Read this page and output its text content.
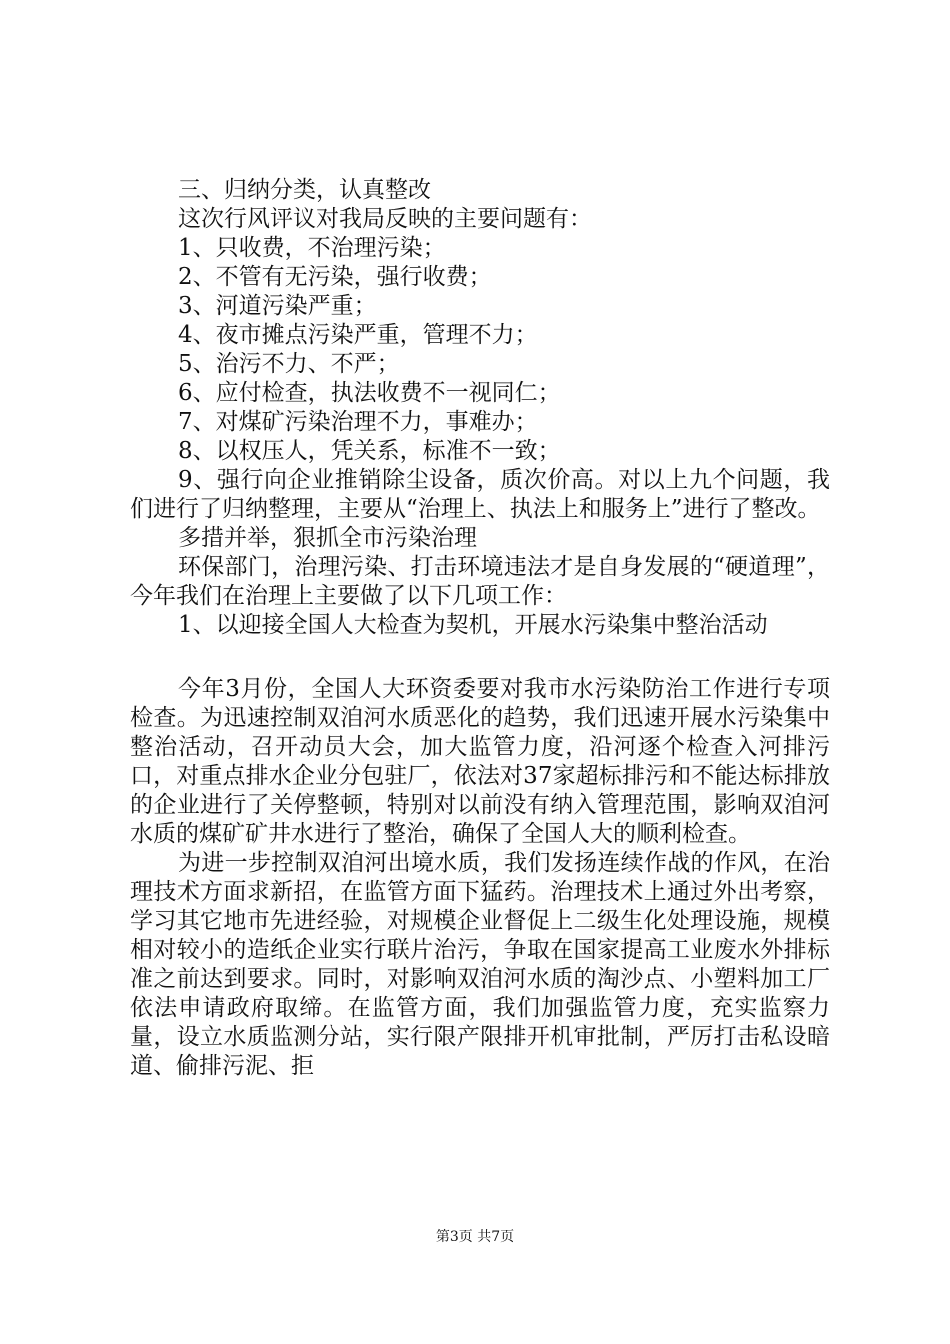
三、归纳分类，认真整改

这次行风评议对我局反映的主要问题有：

1、只收费，不治理污染；

2、不管有无污染，强行收费；

3、河道污染严重；

4、夜市摊点污染严重，管理不力；

5、治污不力、不严；

6、应付检查，执法收费不一视同仁；

7、对煤矿污染治理不力，事难办；

8、以权压人，凭关系，标准不一致；

9、强行向企业推销除尘设备，质次价高。对以上九个问题，我们进行了归纳整理，主要从“治理上、执法上和服务上”进行了整改。

多措并举，狠抓全市污染治理

环保部门，治理污染、打击环境违法才是自身发展的“硬道理”，今年我们在治理上主要做了以下几项工作：

1、以迎接全国人大检查为契机，开展水污染集中整治活动

今年3月份，全国人大环资委要对我市水污染防治工作进行专项检查。为迅速控制双洎河水质恶化的趋势，我们迅速开展水污染集中整治活动，召开动员大会，加大监管力度，沿河逐个检查入河排污口，对重点排水企业分包驻厂，依法对37家超标排污和不能达标排放的企业进行了关停整顿，特别对以前没有纳入管理范围，影响双洎河水质的煤矿矿井水进行了整治，确保了全国人大的顺利检查。

为进一步控制双洎河出境水质，我们发扬连续作战的作风，在治理技术方面求新招，在监管方面下猛药。治理技术上通过外出考察，学习其它地市先进经验，对规模企业督促上二级生化处理设施，规模相对较小的造纸企业实行联片治污，争取在国家提高工业废水外排标准之前达到要求。同时，对影响双洎河水质的淘沙点、小塑料加工厂依法申请政府取缔。在监管方面，我们加强监管力度，充实监察力量，设立水质监测分站，实行限产限排开机审批制，严厉打击私设暗道、偷排污泥、拒

第3页 共7页
